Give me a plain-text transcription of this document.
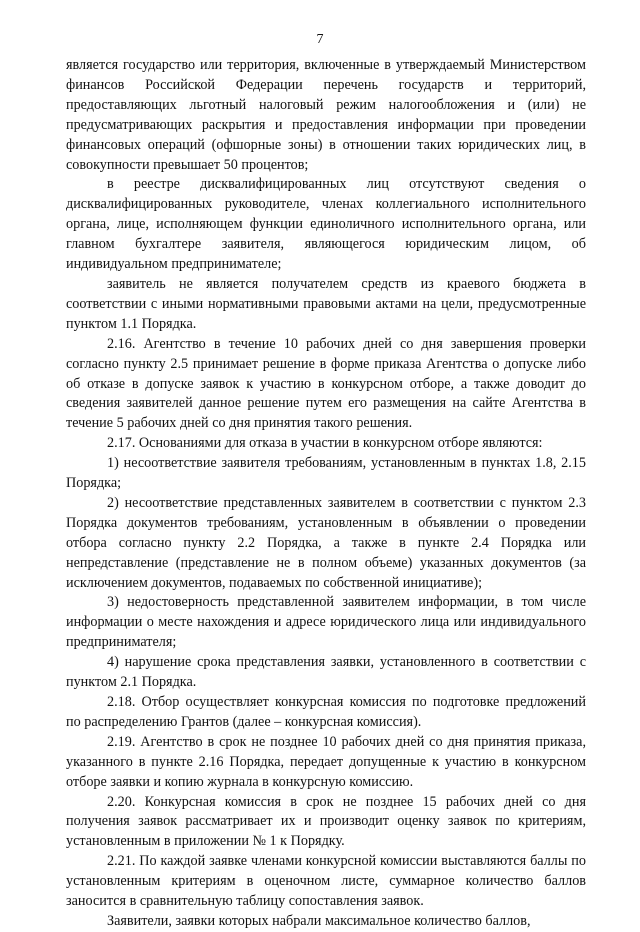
7

является государство или территория, включенные в утверждаемый Министерством финансов Российской Федерации перечень государств и территорий, предоставляющих льготный налоговый режим налогообложения и (или) не предусматривающих раскрытия и предоставления информации при проведении финансовых операций (офшорные зоны) в отношении таких юридических лиц, в совокупности превышает 50 процентов;

в реестре дисквалифицированных лиц отсутствуют сведения о дисквалифицированных руководителе, членах коллегиального исполнительного органа, лице, исполняющем функции единоличного исполнительного органа, или главном бухгалтере заявителя, являющегося юридическим лицом, об индивидуальном предпринимателе;

заявитель не является получателем средств из краевого бюджета в соответствии с иными нормативными правовыми актами на цели, предусмотренные пунктом 1.1 Порядка.

2.16. Агентство в течение 10 рабочих дней со дня завершения проверки согласно пункту 2.5 принимает решение в форме приказа Агентства о допуске либо об отказе в допуске заявок к участию в конкурсном отборе, а также доводит до сведения заявителей данное решение путем его размещения на сайте Агентства в течение 5 рабочих дней со дня принятия такого решения.

2.17. Основаниями для отказа в участии в конкурсном отборе являются:

1) несоответствие заявителя требованиям, установленным в пунктах 1.8, 2.15 Порядка;

2) несоответствие представленных заявителем в соответствии с пунктом 2.3 Порядка документов требованиям, установленным в объявлении о проведении отбора согласно пункту 2.2 Порядка, а также в пункте 2.4 Порядка или непредставление (представление не в полном объеме) указанных документов (за исключением документов, подаваемых по собственной инициативе);

3) недостоверность представленной заявителем информации, в том числе информации о месте нахождения и адресе юридического лица или индивидуального предпринимателя;

4) нарушение срока представления заявки, установленного в соответствии с пунктом 2.1 Порядка.

2.18. Отбор осуществляет конкурсная комиссия по подготовке предложений по распределению Грантов (далее – конкурсная комиссия).

2.19. Агентство в срок не позднее 10 рабочих дней со дня принятия приказа, указанного в пункте 2.16 Порядка, передает допущенные к участию в конкурсном отборе заявки и копию журнала в конкурсную комиссию.

2.20. Конкурсная комиссия в срок не позднее 15 рабочих дней со дня получения заявок рассматривает их и производит оценку заявок по критериям, установленным в приложении № 1 к Порядку.

2.21. По каждой заявке членами конкурсной комиссии выставляются баллы по установленным критериям в оценочном листе, суммарное количество баллов заносится в сравнительную таблицу сопоставления заявок.

Заявители, заявки которых набрали максимальное количество баллов,
